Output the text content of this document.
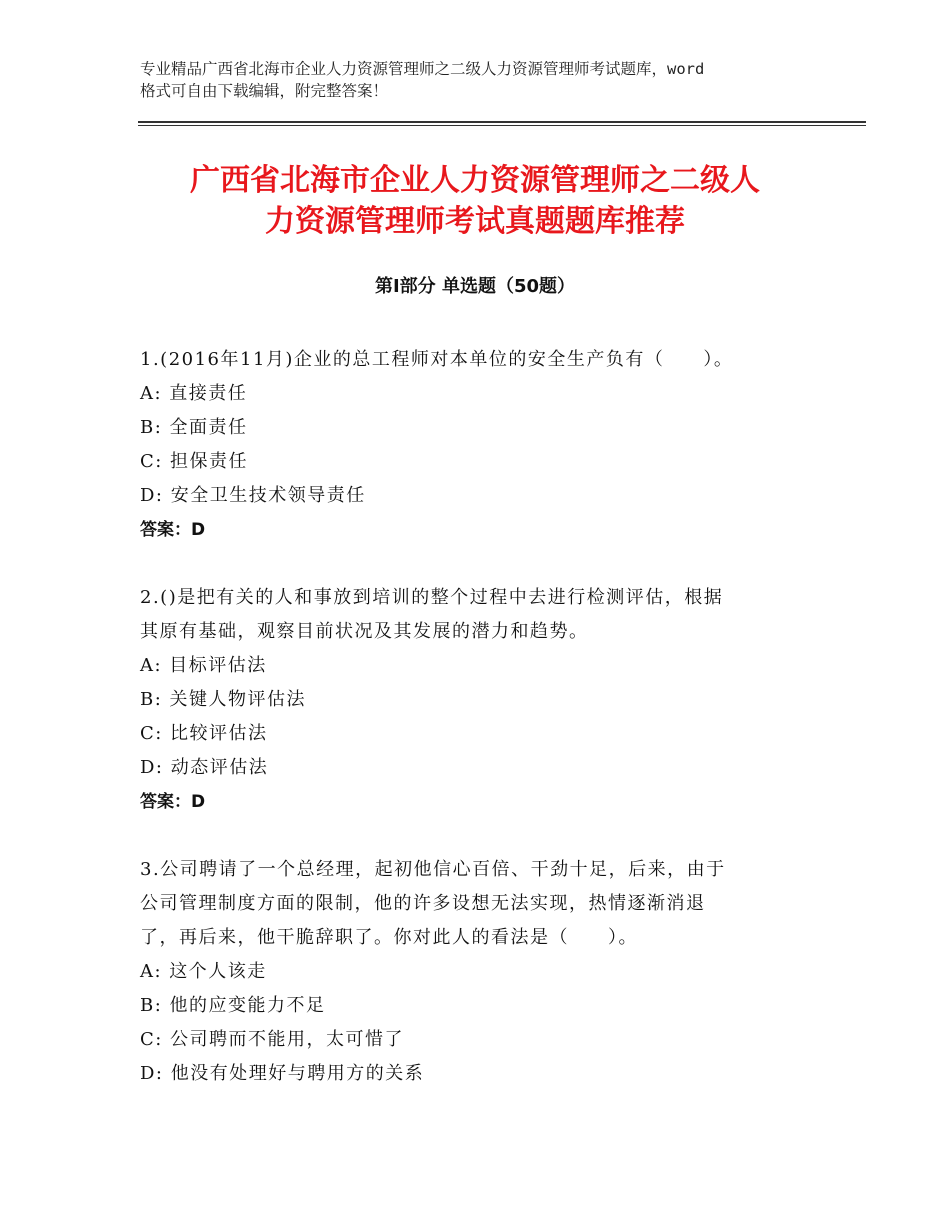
专业精品广西省北海市企业人力资源管理师之二级人力资源管理师考试题库，word
格式可自由下载编辑，附完整答案！
广西省北海市企业人力资源管理师之二级人
力资源管理师考试真题题库推荐
第Ⅰ部分 单选题（50题）
1.(2016年11月)企业的总工程师对本单位的安全生产负有（　　）。
A: 直接责任
B: 全面责任
C: 担保责任
D: 安全卫生技术领导责任
答案：D
2.()是把有关的人和事放到培训的整个过程中去进行检测评估，根据
其原有基础，观察目前状况及其发展的潜力和趋势。
A: 目标评估法
B: 关键人物评估法
C: 比较评估法
D: 动态评估法
答案：D
3.公司聘请了一个总经理，起初他信心百倍、干劲十足，后来，由于
公司管理制度方面的限制，他的许多设想无法实现，热情逐渐消退
了，再后来，他干脆辞职了。你对此人的看法是（　　）。
A: 这个人该走
B: 他的应变能力不足
C: 公司聘而不能用，太可惜了
D: 他没有处理好与聘用方的关系
